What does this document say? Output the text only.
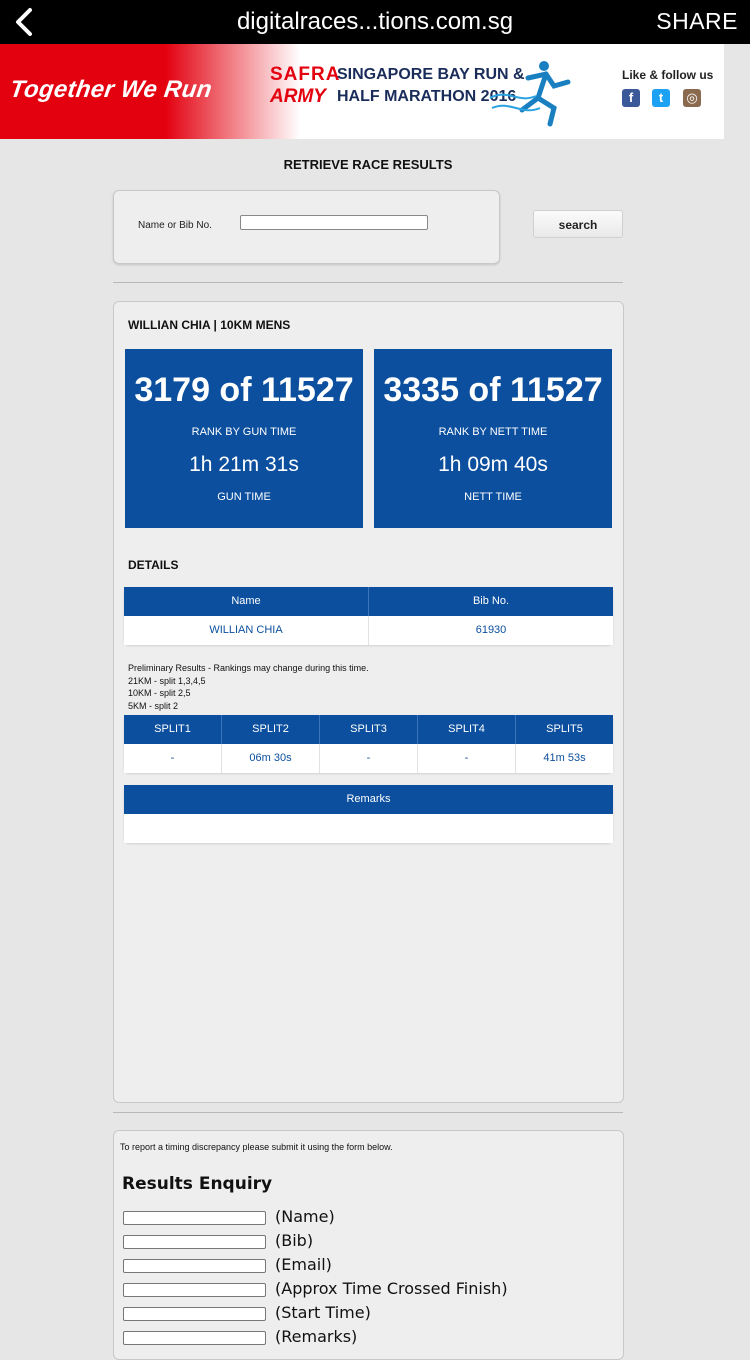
digitalraces...tions.com.sg	SHARE
Together We Run
SAFRA
ARMY
SINGAPORE BAY RUN &
HALF MARATHON 2016
Like & follow us
f	t	◎
RETRIEVE RACE RESULTS
Name or Bib No.	search
WILLIAN CHIA | 10KM MENS
3179 of 11527
RANK BY GUN TIME
1h 21m 31s
GUN TIME
3335 of 11527
RANK BY NETT TIME
1h 09m 40s
NETT TIME
DETAILS
Name	Bib No.
WILLIAN CHIA	61930
Preliminary Results - Rankings may change during this time.
21KM - split 1,3,4,5
10KM - split 2,5
5KM - split 2
SPLIT1	SPLIT2	SPLIT3	SPLIT4	SPLIT5
-	06m 30s	-	-	41m 53s
Remarks
To report a timing discrepancy please submit it using the form below.
Results Enquiry
(Name)
(Bib)
(Email)
(Approx Time Crossed Finish)
(Start Time)
(Remarks)
